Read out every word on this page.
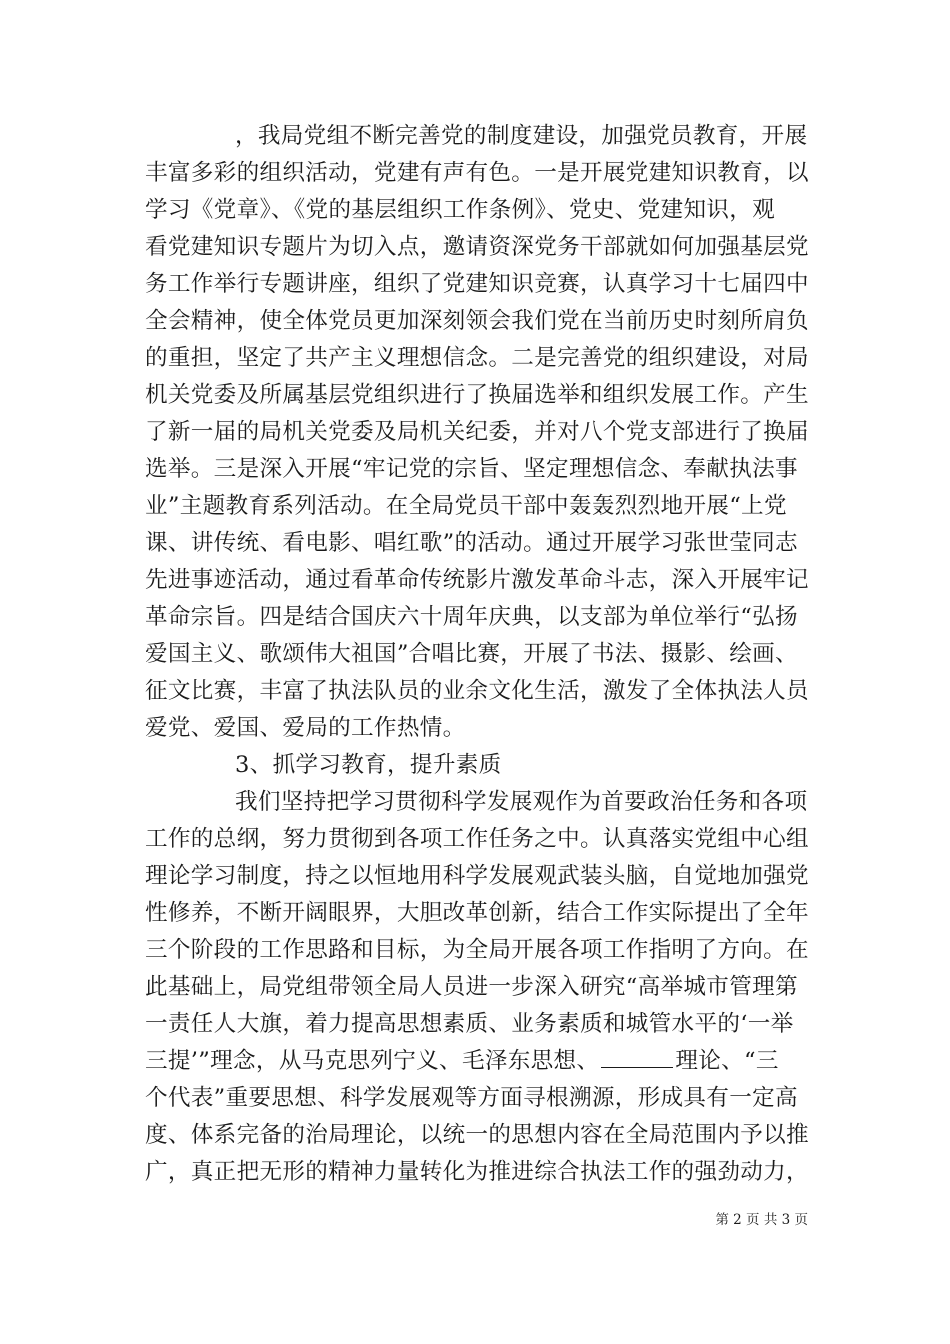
，我局党组不断完善党的制度建设，加强党员教育，开展
丰富多彩的组织活动，党建有声有色。一是开展党建知识教育，以
学习《党章》、《党的基层组织工作条例》、党史、党建知识，观
看党建知识专题片为切入点，邀请资深党务干部就如何加强基层党
务工作举行专题讲座，组织了党建知识竞赛，认真学习十七届四中
全会精神，使全体党员更加深刻领会我们党在当前历史时刻所肩负
的重担，坚定了共产主义理想信念。二是完善党的组织建设，对局
机关党委及所属基层党组织进行了换届选举和组织发展工作。产生
了新一届的局机关党委及局机关纪委，并对八个党支部进行了换届
选举。三是深入开展“牢记党的宗旨、坚定理想信念、奉献执法事
业”主题教育系列活动。在全局党员干部中轰轰烈烈地开展“上党
课、讲传统、看电影、唱红歌”的活动。通过开展学习张世莹同志
先进事迹活动，通过看革命传统影片激发革命斗志，深入开展牢记
革命宗旨。四是结合国庆六十周年庆典，以支部为单位举行“弘扬
爱国主义、歌颂伟大祖国”合唱比赛，开展了书法、摄影、绘画、
征文比赛，丰富了执法队员的业余文化生活，激发了全体执法人员
爱党、爱国、爱局的工作热情。
3、抓学习教育，提升素质
我们坚持把学习贯彻科学发展观作为首要政治任务和各项
工作的总纲，努力贯彻到各项工作任务之中。认真落实党组中心组
理论学习制度，持之以恒地用科学发展观武装头脑，自觉地加强党
性修养，不断开阔眼界，大胆改革创新，结合工作实际提出了全年
三个阶段的工作思路和目标，为全局开展各项工作指明了方向。在
此基础上，局党组带领全局人员进一步深入研究“高举城市管理第
一责任人大旗，着力提高思想素质、业务素质和城管水平的‘一举
三提’”理念，从马克思列宁义、毛泽东思想、	理论、“三
个代表”重要思想、科学发展观等方面寻根溯源，形成具有一定高
度、体系完备的治局理论，以统一的思想内容在全局范围内予以推
广，真正把无形的精神力量转化为推进综合执法工作的强劲动力，
第 2 页 共 3 页
